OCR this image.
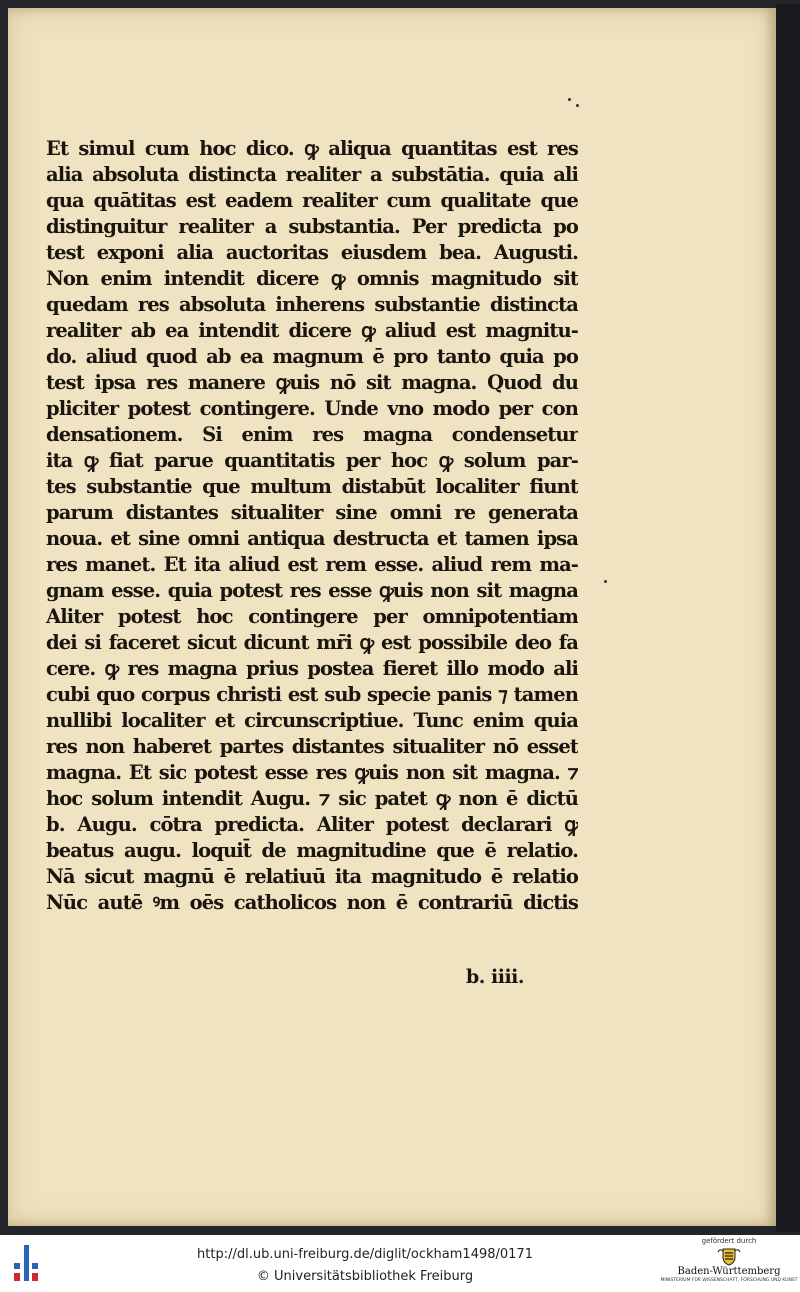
Et simul cum hoc dico. ꝙ aliqua quantitas est res
alia absoluta distincta realiter a substātia. quia ali
qua quātitas est eadem realiter cum qualitate que
distinguitur realiter a substantia. Per predicta po
test exponi alia auctoritas eiusdem bea. Augusti.
Non enim intendit dicere ꝙ omnis magnitudo sit
quedam res absoluta inherens substantie distincta
realiter ab ea intendit dicere ꝙ aliud est magnitu-
do. aliud quod ab ea magnum ē pro tanto quia po
test ipsa res manere ꝙuis nō sit magna. Quod du
pliciter potest contingere. Unde vno modo per con
densationem. Si enim res magna condensetur
ita ꝙ fiat parue quantitatis per hoc ꝙ solum par-
tes substantie que multum distabūt localiter fiunt
parum distantes situaliter sine omni re generata
noua. et sine omni antiqua destructa et tamen ipsa
res manet. Et ita aliud est rem esse. aliud rem ma-
gnam esse. quia potest res esse ꝙuis non sit magna
Aliter potest hoc contingere per omnipotentiam
dei si faceret sicut dicunt mr̄i ꝙ est possibile deo fa
cere. ꝙ res magna prius postea fieret illo modo ali
cubi quo corpus christi est sub specie panis ⁊ tamen
nullibi localiter et circunscriptiue. Tunc enim quia
res non haberet partes distantes situaliter nō esset
magna. Et sic potest esse res ꝙuis non sit magna. ⁊
hoc solum intendit Augu. ⁊ sic patet ꝙ non ē dictū
b. Augu. cōtra predicta. Aliter potest declarari ꝙ
beatus augu. loquit̄ de magnitudine que ē relatio.
Nā sicut magnū ē relatiuū ita magnitudo ē relatio
Nūc autē ꝰm oēs catholicos non ē contrariū dictis
b. iiii.
http://dl.ub.uni-freiburg.de/diglit/ockham1498/0171
© Universitätsbibliothek Freiburg
gefördert durch
Baden-Württemberg
MINISTERIUM FÜR WISSENSCHAFT, FORSCHUNG UND KUNST
